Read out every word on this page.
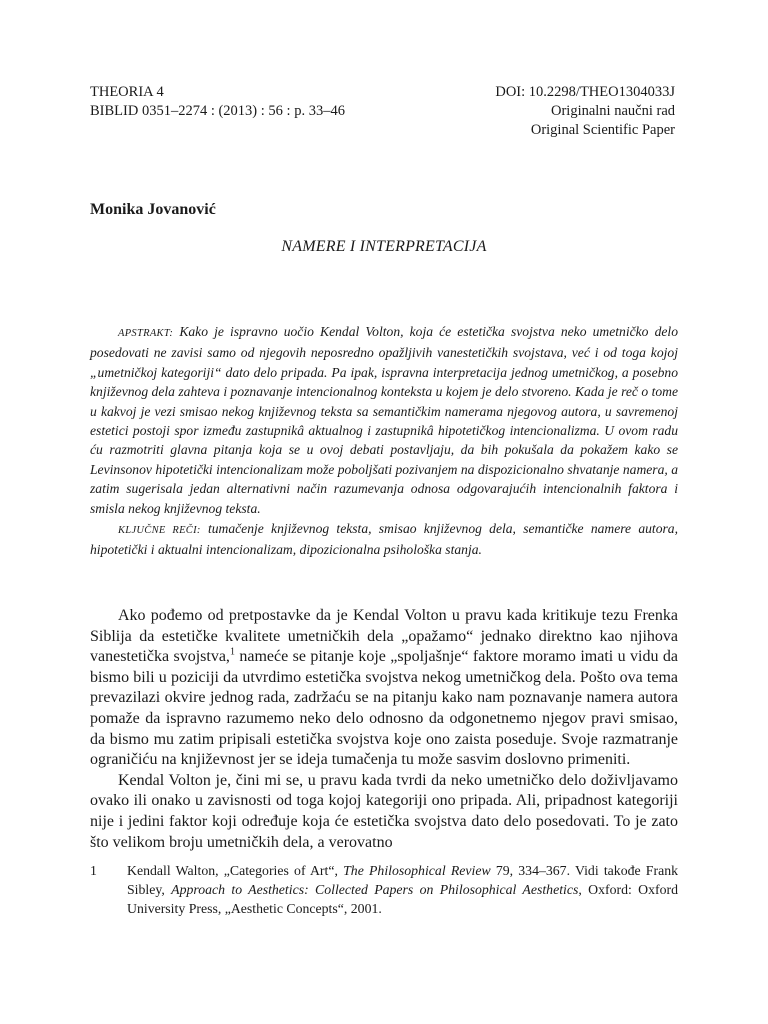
THEORIA 4
BIBLID 0351–2274 : (2013) : 56 : p. 33–46
DOI: 10.2298/THEO1304033J
Originalni naučni rad
Original Scientific Paper
Monika Jovanović
NAMERE I INTERPRETACIJA

APSTRAKT: Kako je ispravno uočio Kendal Volton, koja će estetička svojstva neko umetničko delo posedovati ne zavisi samo od njegovih neposredno opažljivih vanestetičkih svojstava, već i od toga kojoj „umetničkoj kategoriji“ dato delo pripada. Pa ipak, ispravna interpretacija jednog umetničkog, a posebno književnog dela zahteva i poznavanje intencionalnog konteksta u kojem je delo stvoreno. Kada je reč o tome u kakvoj je vezi smisao nekog književnog teksta sa semantičkim namerama njegovog autora, u savremenoj estetici postoji spor između zastupnikâ aktualnog i zastupnikâ hipotetičkog intencionalizma. U ovom radu ću razmotriti glavna pitanja koja se u ovoj debati postavljaju, da bih pokušala da pokažem kako se Levinsonov hipotetički intencionalizam može poboljšati pozivanjem na dispozicionalno shvatanje namera, a zatim sugerisala jedan alternativni način razumevanja odnosa odgovarajućih intencionalnih faktora i smisla nekog književnog teksta.

KLJUČNE REČI: tumačenje književnog teksta, smisao književnog dela, semantičke namere autora, hipotetički i aktualni intencionalizam, dipozicionalna psihološka stanja.

Ako pođemo od pretpostavke da je Kendal Volton u pravu kada kritikuje tezu Frenka Siblija da estetičke kvalitete umetničkih dela „opažamo“ jednako direktno kao njihova vanestetička svojstva,$^1$ nameće se pitanje koje „spoljašnje“ faktore moramo imati u vidu da bismo bili u poziciji da utvrdimo estetička svojstva nekog umetničkog dela. Pošto ova tema prevazilazi okvire jednog rada, zadržaću se na pitanju kako nam poznavanje namera autora pomaže da ispravno razumemo neko delo odnosno da odgonetnemo njegov pravi smisao, da bismo mu zatim pripisali estetička svojstva koje ono zaista poseduje. Svoje razmatranje ograničiću na književnost jer se ideja tumačenja tu može sasvim doslovno primeniti.

Kendal Volton je, čini mi se, u pravu kada tvrdi da neko umetničko delo doživljavamo ovako ili onako u zavisnosti od toga kojoj kategoriji ono pripada. Ali, pripadnost kategoriji nije i jedini faktor koji određuje koja će estetička svojstva dato delo posedovati. To je zato što velikom broju umetničkih dela, a verovatno

1 Kendall Walton, „Categories of Art“, The Philosophical Review 79, 334–367. Vidi takođe Frank Sibley, Approach to Aesthetics: Collected Papers on Philosophical Aesthetics, Oxford: Oxford University Press, „Aesthetic Concepts“, 2001.
